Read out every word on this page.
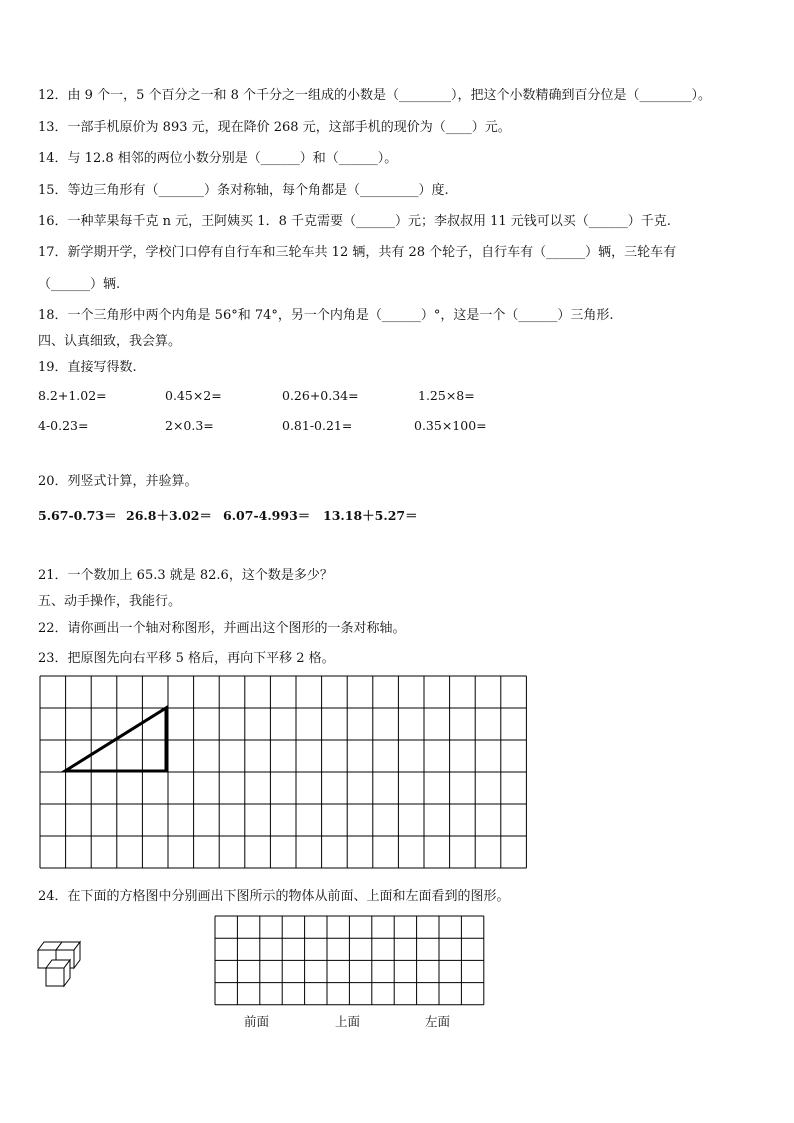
12．由 9 个一，5 个百分之一和 8 个千分之一组成的小数是（________），把这个小数精确到百分位是（________）。
13．一部手机原价为 893 元，现在降价 268 元，这部手机的现价为（____）元。
14．与 12.8 相邻的两位小数分别是（______）和（______）。
15．等边三角形有（_______）条对称轴，每个角都是（_________）度.
16．一种苹果每千克 n 元，王阿姨买 1．8 千克需要（______）元；李叔叔用 11 元钱可以买（______）千克.
17．新学期开学，学校门口停有自行车和三轮车共 12 辆，共有 28 个轮子，自行车有（______）辆，三轮车有
（______）辆.
18．一个三角形中两个内角是 56°和 74°，另一个内角是（______）°，这是一个（______）三角形.
四、认真细致，我会算。
19．直接写得数.
8.2+1.02=	0.45×2=	0.26+0.34=	1.25×8=
4-0.23=	2×0.3=	0.81-0.21=	0.35×100=
20．列竖式计算，并验算。
5.67-0.73＝ 26.8＋3.02＝ 6.07-4.993＝ 13.18＋5.27＝
21．一个数加上 65.3 就是 82.6，这个数是多少？
五、动手操作，我能行。
22．请你画出一个轴对称图形，并画出这个图形的一条对称轴。
23．把原图先向右平移 5 格后，再向下平移 2 格。
24．在下面的方格图中分别画出下图所示的物体从前面、上面和左面看到的图形。
前面	上面	左面
